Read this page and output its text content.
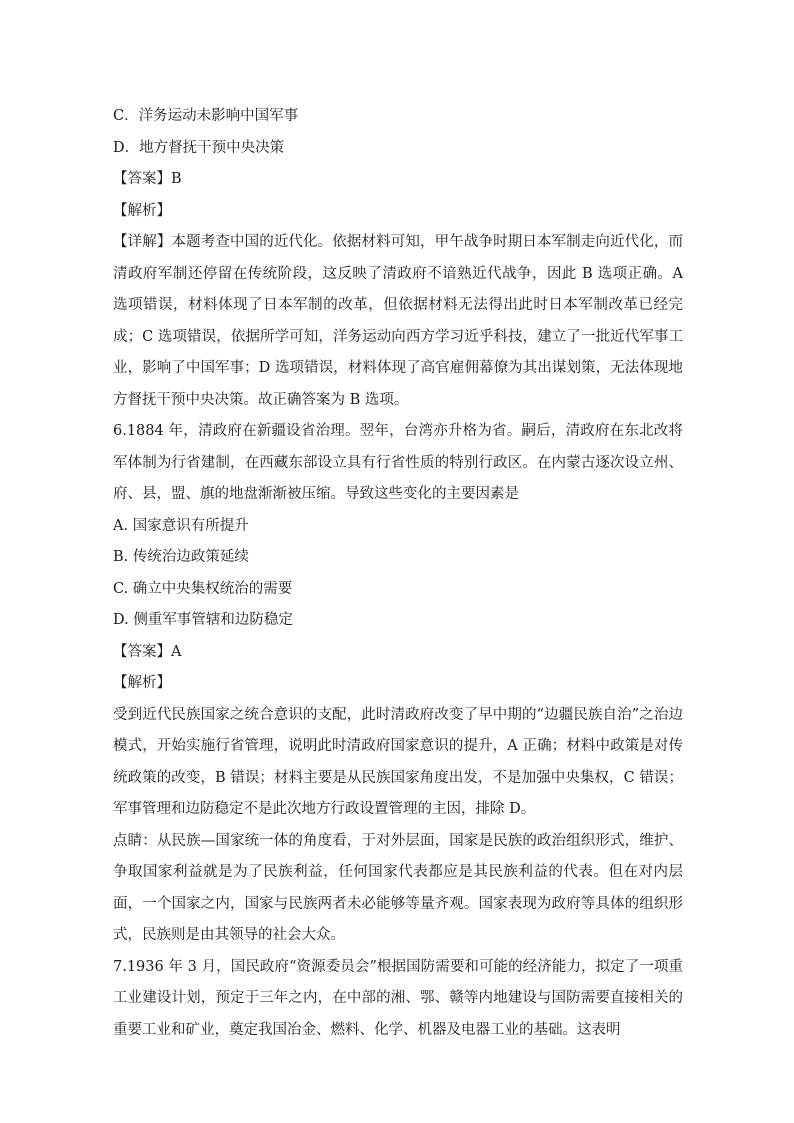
C．洋务运动未影响中国军事

D．地方督抚干预中央决策

【答案】B

【解析】

【详解】本题考查中国的近代化。依据材料可知，甲午战争时期日本军制走向近代化，而清政府军制还停留在传统阶段，这反映了清政府不谙熟近代战争，因此 B 选项正确。A 选项错误，材料体现了日本军制的改革，但依据材料无法得出此时日本军制改革已经完成；C 选项错误，依据所学可知，洋务运动向西方学习近乎科技，建立了一批近代军事工业，影响了中国军事；D 选项错误，材料体现了高官雇佣幕僚为其出谋划策，无法体现地方督抚干预中央决策。故正确答案为 B 选项。

6.1884 年，清政府在新疆设省治理。翌年，台湾亦升格为省。嗣后，清政府在东北改将军体制为行省建制，在西藏东部设立具有行省性质的特别行政区。在内蒙古逐次设立州、府、县，盟、旗的地盘渐渐被压缩。导致这些变化的主要因素是

A. 国家意识有所提升

B. 传统治边政策延续

C. 确立中央集权统治的需要

D. 侧重军事管辖和边防稳定

【答案】A

【解析】

受到近代民族国家之统合意识的支配，此时清政府改变了早中期的“边疆民族自治”之治边模式，开始实施行省管理，说明此时清政府国家意识的提升，A 正确；材料中政策是对传统政策的改变，B 错误；材料主要是从民族国家角度出发，不是加强中央集权，C 错误；军事管理和边防稳定不是此次地方行政设置管理的主因，排除 D。

点睛：从民族—国家统一体的角度看，于对外层面，国家是民族的政治组织形式，维护、争取国家利益就是为了民族利益，任何国家代表都应是其民族利益的代表。但在对内层面，一个国家之内，国家与民族两者未必能够等量齐观。国家表现为政府等具体的组织形式，民族则是由其领导的社会大众。

7.1936 年 3 月，国民政府“资源委员会”根据国防需要和可能的经济能力，拟定了一项重工业建设计划，预定于三年之内，在中部的湘、鄂、赣等内地建设与国防需要直接相关的重要工业和矿业，奠定我国冶金、燃料、化学、机器及电器工业的基础。这表明
